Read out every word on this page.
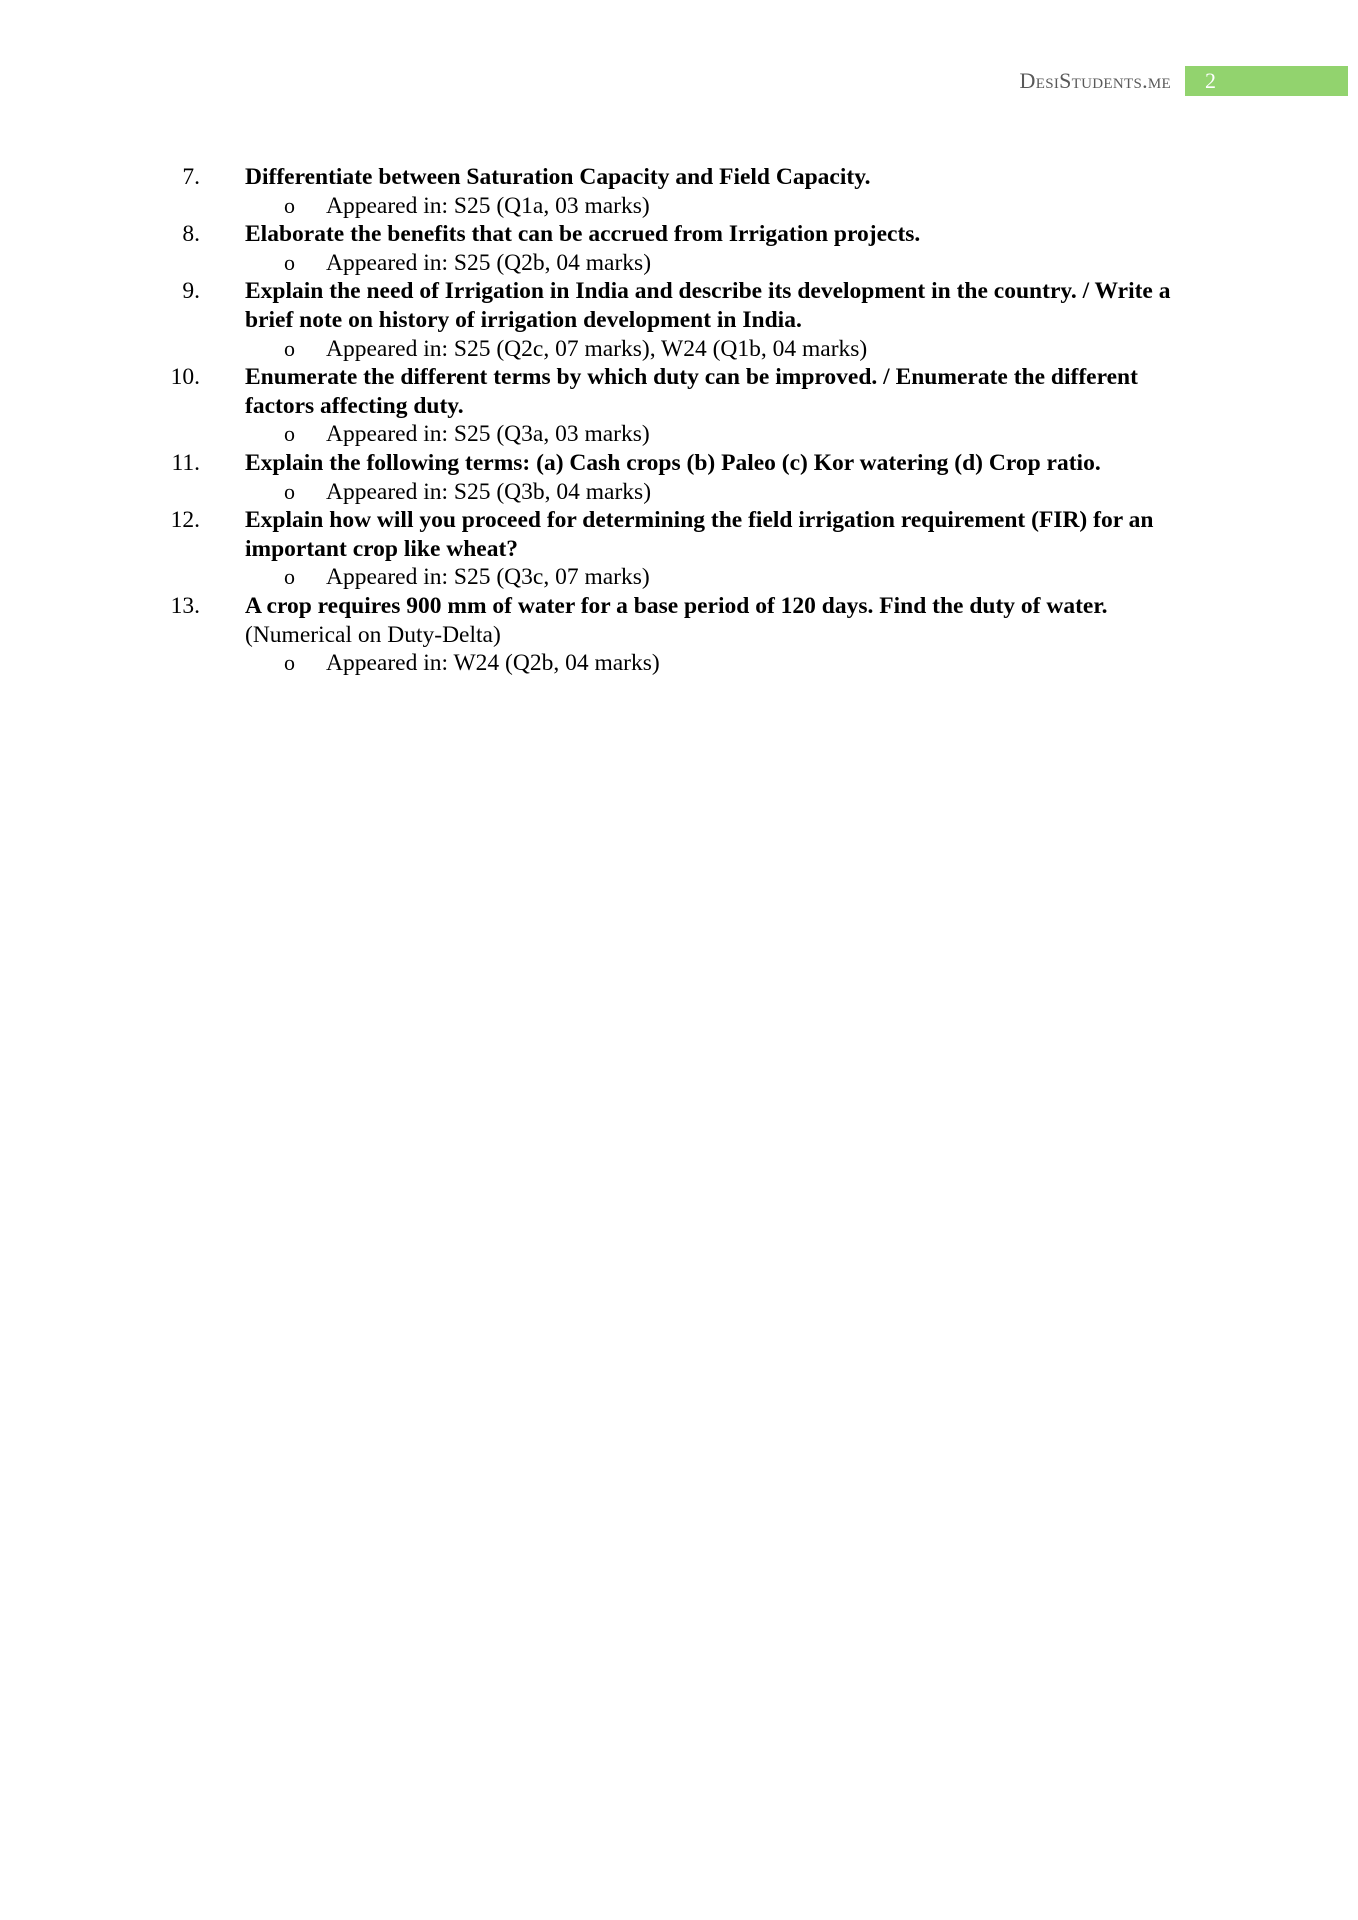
DesiStudents.me	2
7. Differentiate between Saturation Capacity and Field Capacity.
o Appeared in: S25 (Q1a, 03 marks)
8. Elaborate the benefits that can be accrued from Irrigation projects.
o Appeared in: S25 (Q2b, 04 marks)
9. Explain the need of Irrigation in India and describe its development in the country. / Write a brief note on history of irrigation development in India.
o Appeared in: S25 (Q2c, 07 marks), W24 (Q1b, 04 marks)
10. Enumerate the different terms by which duty can be improved. / Enumerate the different factors affecting duty.
o Appeared in: S25 (Q3a, 03 marks)
11. Explain the following terms: (a) Cash crops (b) Paleo (c) Kor watering (d) Crop ratio.
o Appeared in: S25 (Q3b, 04 marks)
12. Explain how will you proceed for determining the field irrigation requirement (FIR) for an important crop like wheat?
o Appeared in: S25 (Q3c, 07 marks)
13. A crop requires 900 mm of water for a base period of 120 days. Find the duty of water. (Numerical on Duty-Delta)
o Appeared in: W24 (Q2b, 04 marks)
